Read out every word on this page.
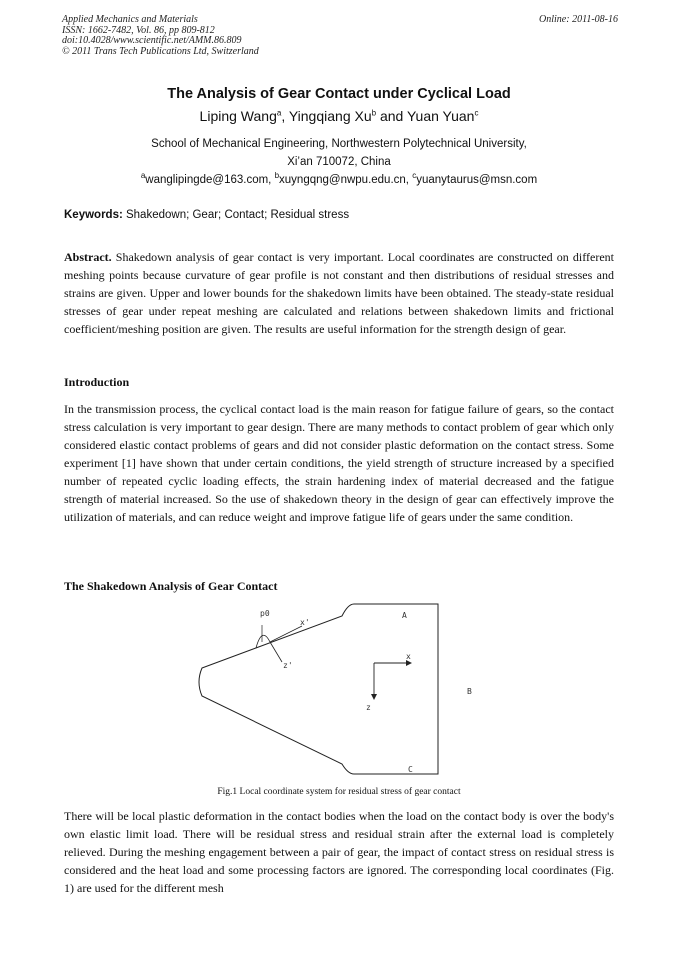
Applied Mechanics and Materials
ISSN: 1662-7482, Vol. 86, pp 809-812
doi:10.4028/www.scientific.net/AMM.86.809
© 2011 Trans Tech Publications Ltd, Switzerland
Online: 2011-08-16
The Analysis of Gear Contact under Cyclical Load
Liping Wang$^a$, Yingqiang Xu$^b$ and Yuan Yuan$^c$
School of Mechanical Engineering, Northwestern Polytechnical University,
Xi’an 710072, China
$^a$wanglipingde@163.com, $^b$xuyngqng@nwpu.edu.cn, $^c$yuanytaurus@msn.com
Keywords: Shakedown; Gear; Contact; Residual stress
Abstract. Shakedown analysis of gear contact is very important. Local coordinates are constructed on different meshing points because curvature of gear profile is not constant and then distributions of residual stresses and strains are given. Upper and lower bounds for the shakedown limits have been obtained. The steady-state residual stresses of gear under repeat meshing are calculated and relations between shakedown limits and frictional coefficient/meshing position are given. The results are useful information for the strength design of gear.
Introduction
In the transmission process, the cyclical contact load is the main reason for fatigue failure of gears, so the contact stress calculation is very important to gear design. There are many methods to contact problem of gear which only considered elastic contact problems of gears and did not consider plastic deformation on the contact stress. Some experiment [1] have shown that under certain conditions, the yield strength of structure increased by a specified number of repeated cyclic loading effects, the strain hardening index of material decreased and the fatigue strength of material increased. So the use of shakedown theory in the design of gear can effectively improve the utilization of materials, and can reduce weight and improve fatigue life of gears under the same condition.
The Shakedown Analysis of Gear Contact
p0
x'
z'
x
z
A
B
C
Fig.1 Local coordinate system for residual stress of gear contact
There will be local plastic deformation in the contact bodies when the load on the contact body is over the body's own elastic limit load. There will be residual stress and residual strain after the external load is completely relieved. During the meshing engagement between a pair of gear, the impact of contact stress on residual stress is considered and the heat load and some processing factors are ignored. The corresponding local coordinates (Fig. 1) are used for the different mesh
